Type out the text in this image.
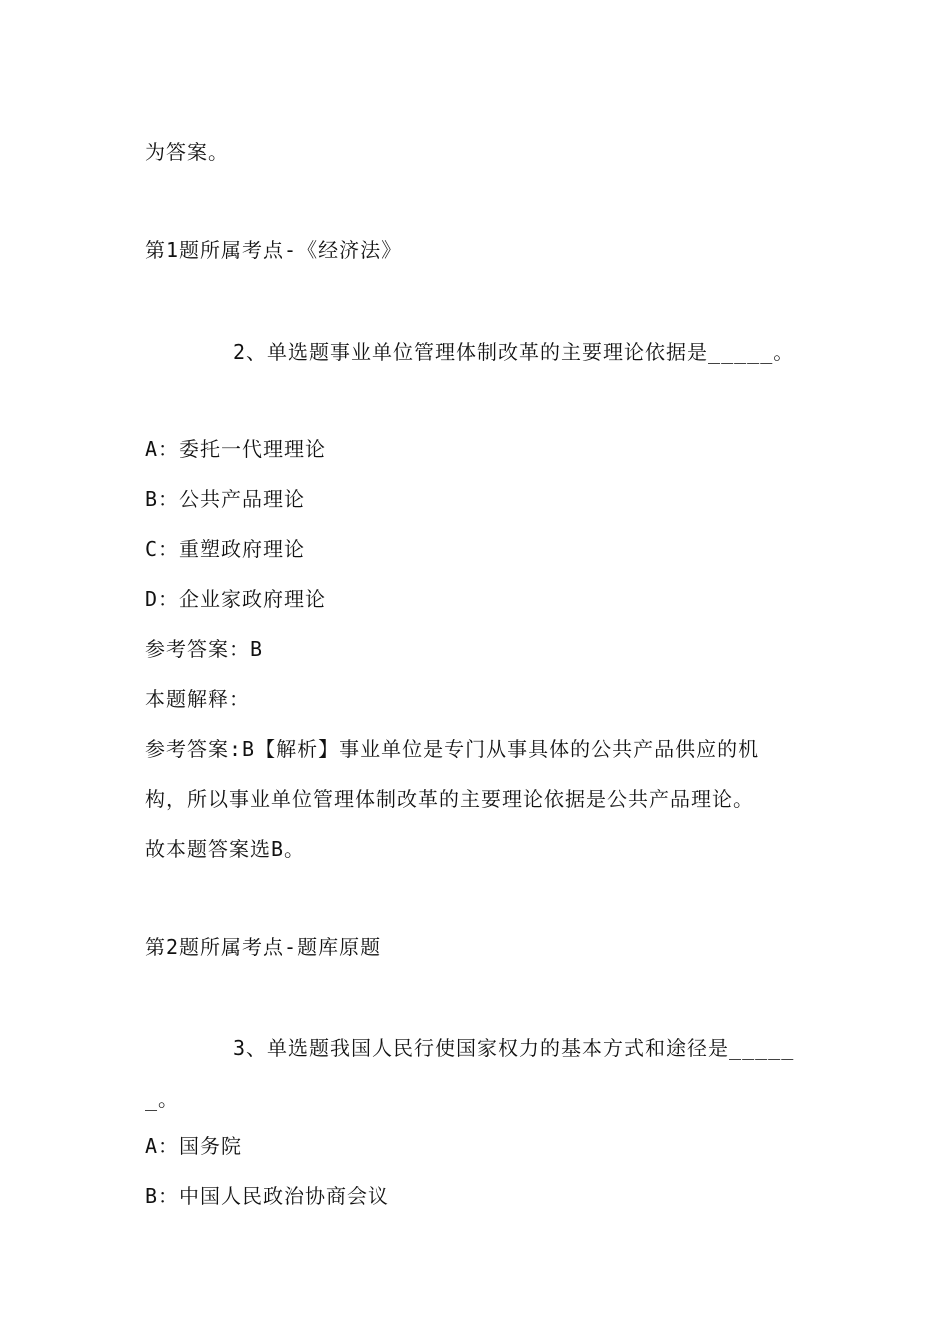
为答案。
第1题所属考点-《经济法》
2、单选题事业单位管理体制改革的主要理论依据是_____。
A：委托一代理理论
B：公共产品理论
C：重塑政府理论
D：企业家政府理论
参考答案：B
本题解释：
参考答案:B【解析】事业单位是专门从事具体的公共产品供应的机
构，所以事业单位管理体制改革的主要理论依据是公共产品理论。
故本题答案选B。
第2题所属考点-题库原题
3、单选题我国人民行使国家权力的基本方式和途径是_____
_。
A：国务院
B：中国人民政治协商会议
